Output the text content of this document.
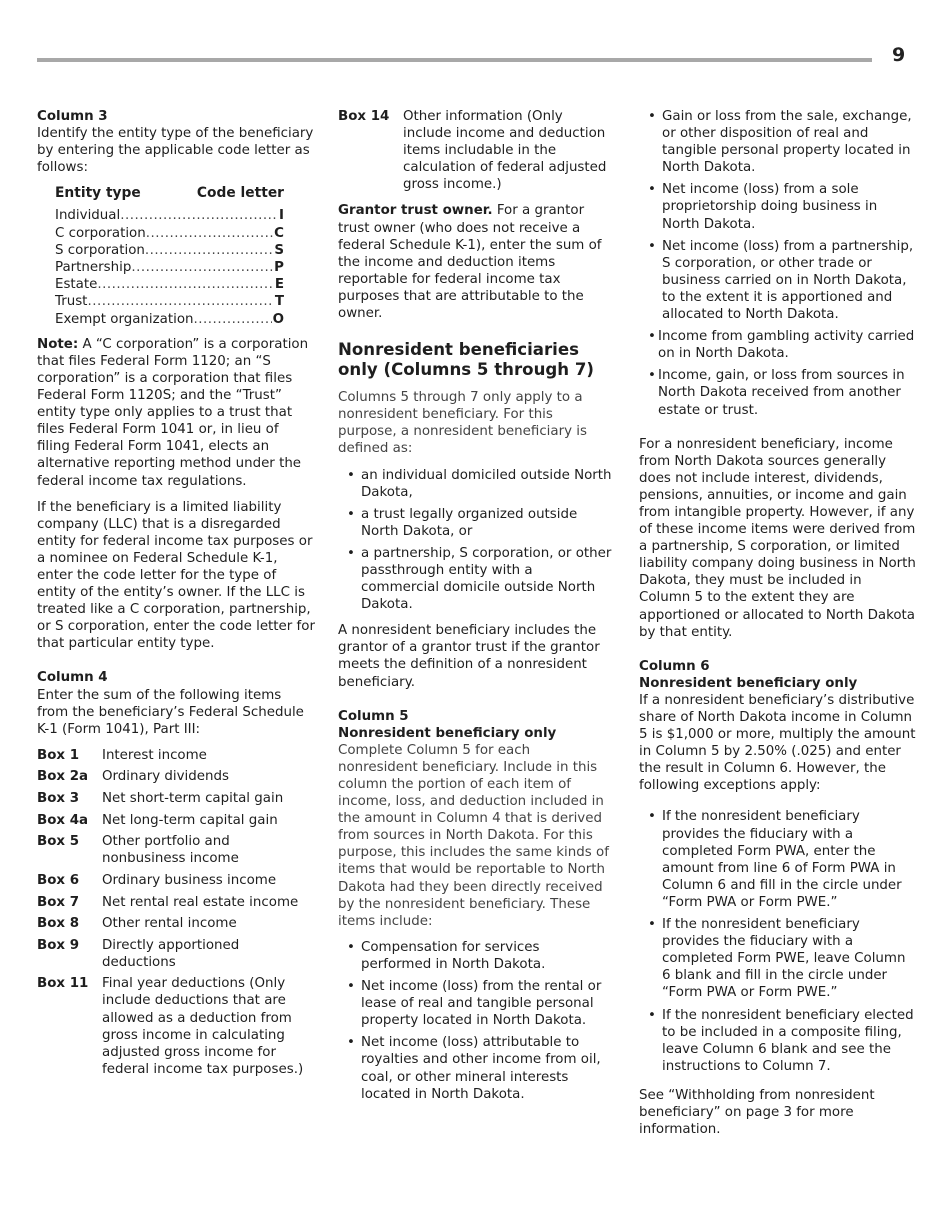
9
Column 3

Identify the entity type of the beneficiary by entering the applicable code letter as follows:

Entity type	Code letter
Individual .....	I
C corporation .....	C
S corporation .....	S
Partnership .....	P
Estate .....	E
Trust .....	T
Exempt organization .....	O

Note: A “C corporation” is a corporation that files Federal Form 1120; an “S corporation” is a corporation that files Federal Form 1120S; and the “Trust” entity type only applies to a trust that files Federal Form 1041 or, in lieu of filing Federal Form 1041, elects an alternative reporting method under the federal income tax regulations.

If the beneficiary is a limited liability company (LLC) that is a disregarded entity for federal income tax purposes or a nominee on Federal Schedule K-1, enter the code letter for the type of entity of the entity’s owner. If the LLC is treated like a C corporation, partnership, or S corporation, enter the code letter for that particular entity type.

Column 4

Enter the sum of the following items from the beneficiary’s Federal Schedule K-1 (Form 1041), Part III:

Box 1	Interest income
Box 2a	Ordinary dividends
Box 3	Net short-term capital gain
Box 4a	Net long-term capital gain
Box 5	Other portfolio and nonbusiness income
Box 6	Ordinary business income
Box 7	Net rental real estate income
Box 8	Other rental income
Box 9	Directly apportioned deductions
Box 11	Final year deductions (Only include deductions that are allowed as a deduction from gross income in calculating adjusted gross income for federal income tax purposes.)
Box 14	Other information (Only include income and deduction items includable in the calculation of federal adjusted gross income.)

Grantor trust owner. For a grantor trust owner (who does not receive a federal Schedule K-1), enter the sum of the income and deduction items reportable for federal income tax purposes that are attributable to the owner.

Nonresident beneficiaries only (Columns 5 through 7)

Columns 5 through 7 only apply to a nonresident beneficiary. For this purpose, a nonresident beneficiary is defined as:

• an individual domiciled outside North Dakota,
• a trust legally organized outside North Dakota, or
• a partnership, S corporation, or other passthrough entity with a commercial domicile outside North Dakota.

A nonresident beneficiary includes the grantor of a grantor trust if the grantor meets the definition of a nonresident beneficiary.

Column 5
Nonresident beneficiary only

Complete Column 5 for each nonresident beneficiary. Include in this column the portion of each item of income, loss, and deduction included in the amount in Column 4 that is derived from sources in North Dakota. For this purpose, this includes the same kinds of items that would be reportable to North Dakota had they been directly received by the nonresident beneficiary. These items include:

• Compensation for services performed in North Dakota.
• Net income (loss) from the rental or lease of real and tangible personal property located in North Dakota.
• Net income (loss) attributable to royalties and other income from oil, coal, or other mineral interests located in North Dakota.
• Gain or loss from the sale, exchange, or other disposition of real and tangible personal property located in North Dakota.
• Net income (loss) from a sole proprietorship doing business in North Dakota.
• Net income (loss) from a partnership, S corporation, or other trade or business carried on in North Dakota, to the extent it is apportioned and allocated to North Dakota.
• Income from gambling activity carried on in North Dakota.
• Income, gain, or loss from sources in North Dakota received from another estate or trust.

For a nonresident beneficiary, income from North Dakota sources generally does not include interest, dividends, pensions, annuities, or income and gain from intangible property. However, if any of these income items were derived from a partnership, S corporation, or limited liability company doing business in North Dakota, they must be included in Column 5 to the extent they are apportioned or allocated to North Dakota by that entity.

Column 6
Nonresident beneficiary only

If a nonresident beneficiary’s distributive share of North Dakota income in Column 5 is $1,000 or more, multiply the amount in Column 5 by 2.50% (.025) and enter the result in Column 6. However, the following exceptions apply:

• If the nonresident beneficiary provides the fiduciary with a completed Form PWA, enter the amount from line 6 of Form PWA in Column 6 and fill in the circle under “Form PWA or Form PWE.”
• If the nonresident beneficiary provides the fiduciary with a completed Form PWE, leave Column 6 blank and fill in the circle under “Form PWA or Form PWE.”
• If the nonresident beneficiary elected to be included in a composite filing, leave Column 6 blank and see the instructions to Column 7.

See “Withholding from nonresident beneficiary” on page 3 for more information.
